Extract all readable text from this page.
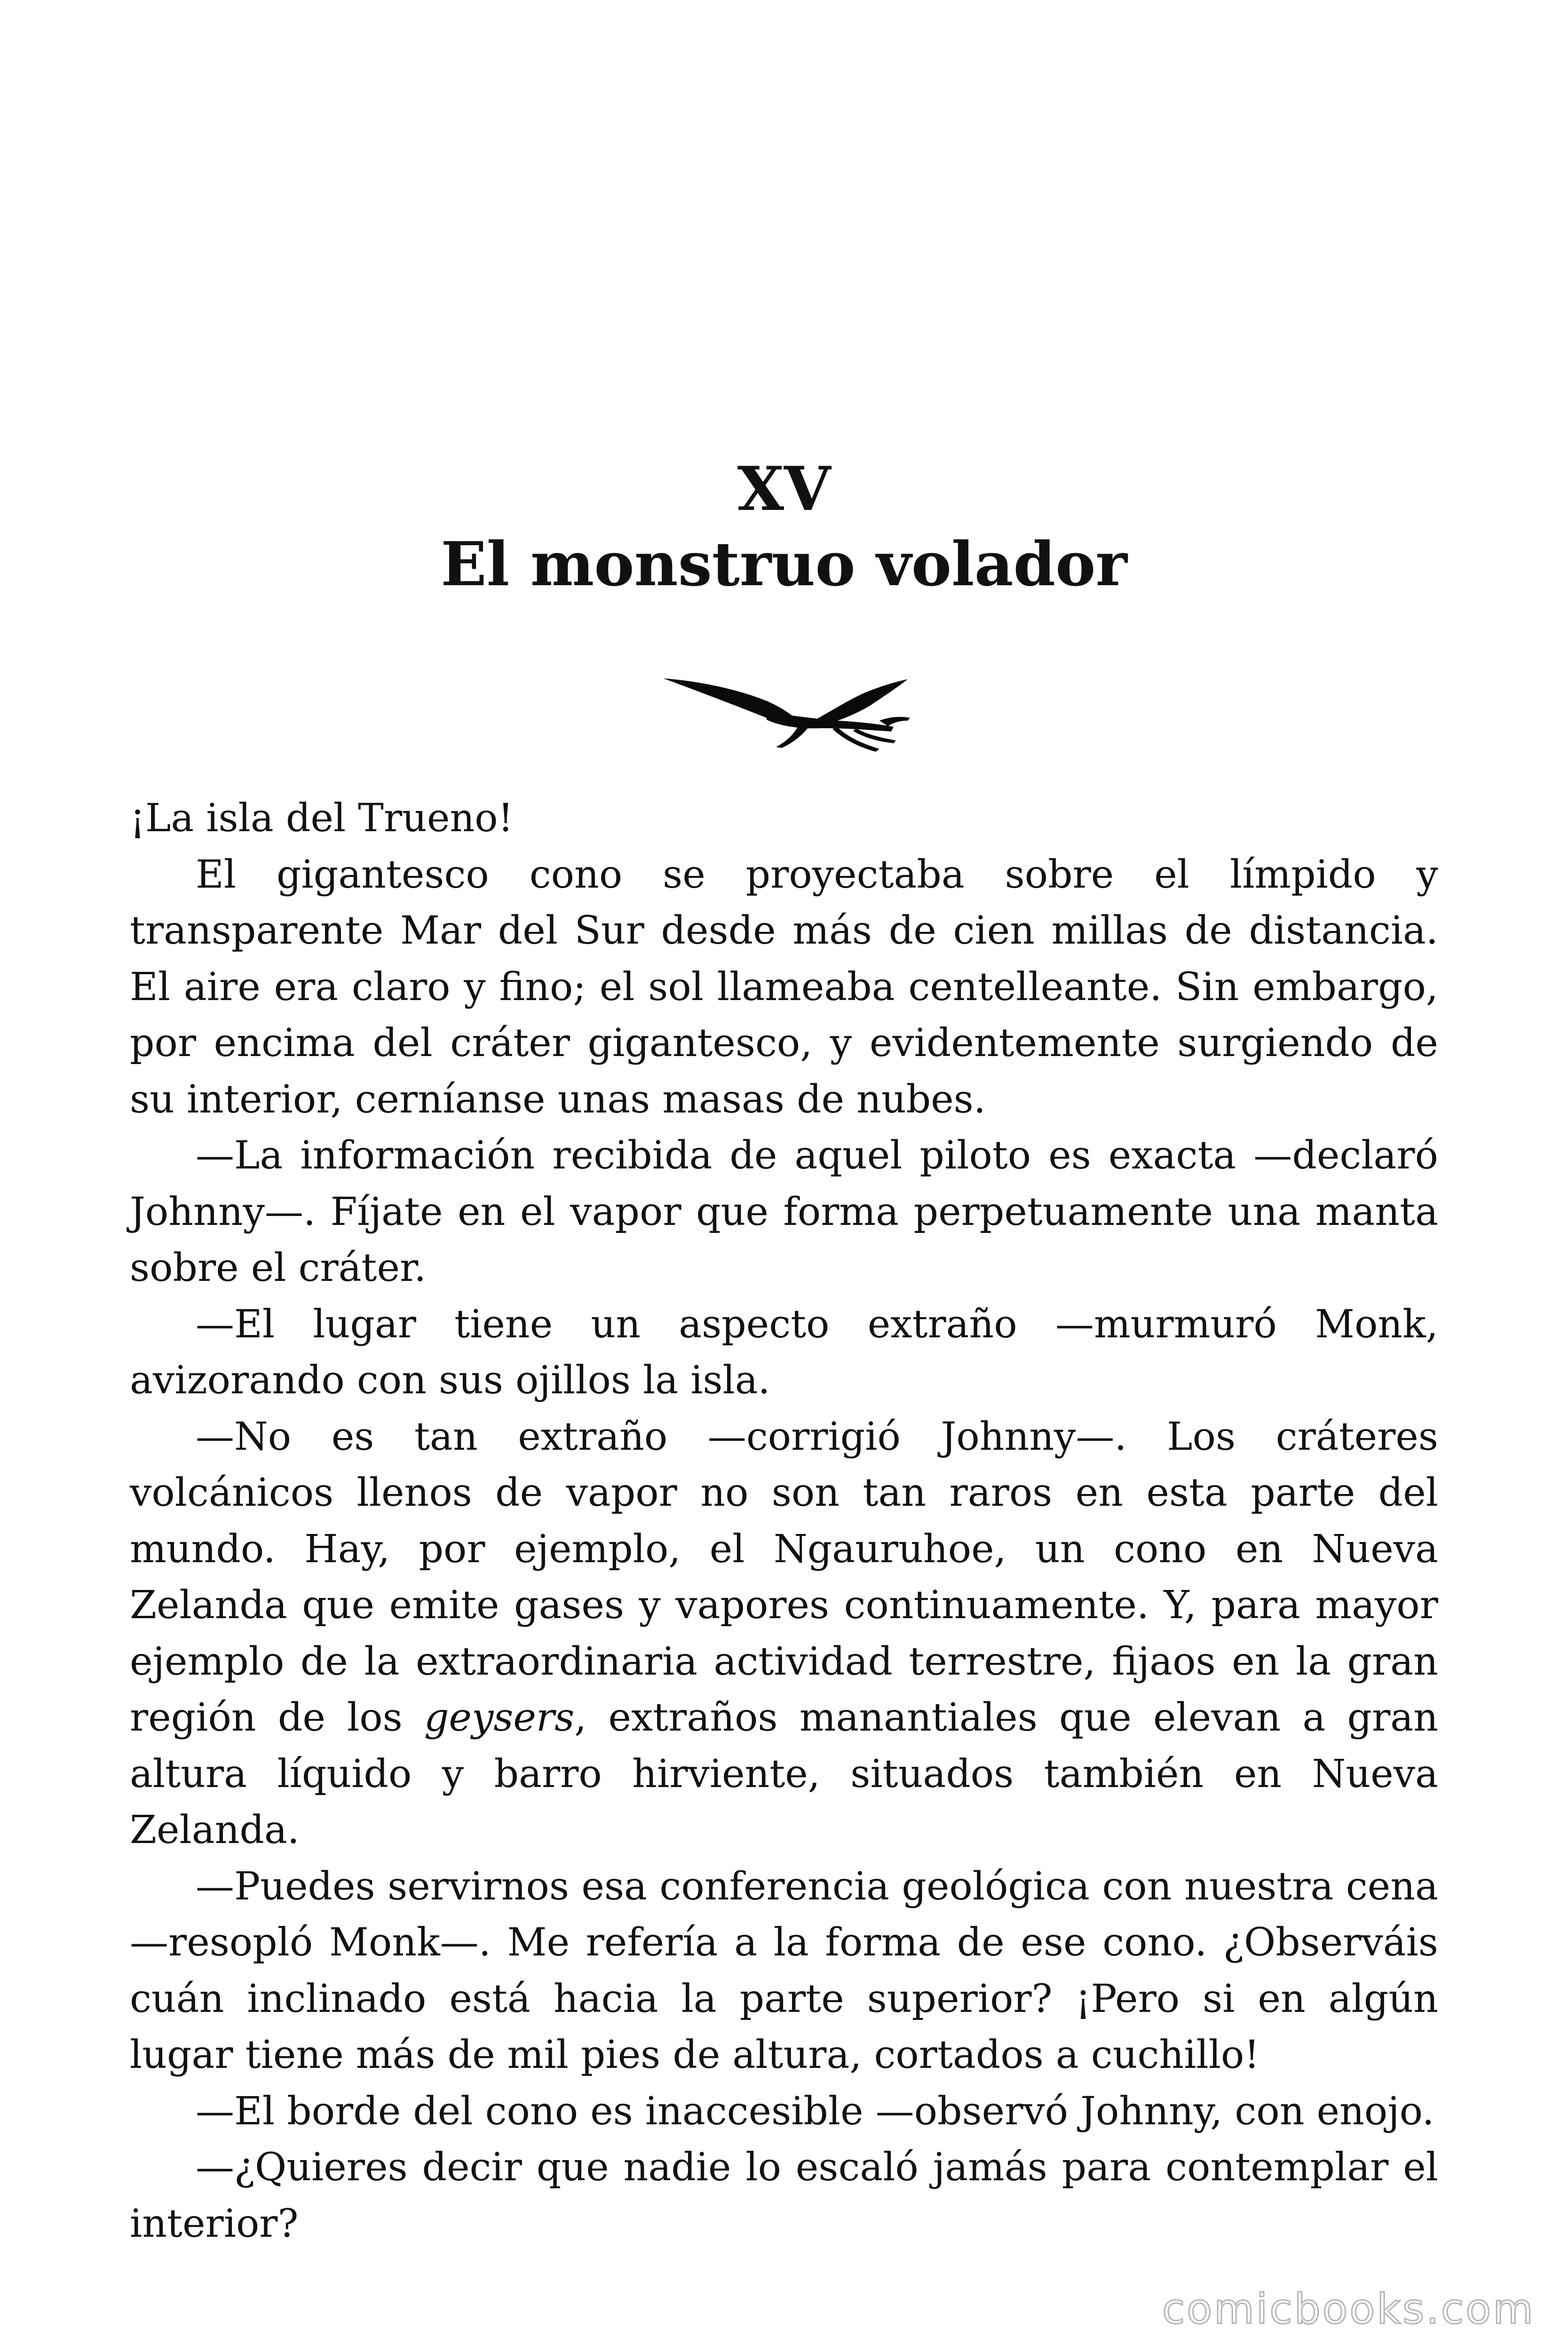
XV
El monstruo volador

¡La isla del Trueno!

El gigantesco cono se proyectaba sobre el límpido y transparente Mar del Sur desde más de cien millas de distancia. El aire era claro y fino; el sol llameaba centelleante. Sin embargo, por encima del cráter gigantesco, y evidentemente surgiendo de su interior, cerníanse unas masas de nubes.

—La información recibida de aquel piloto es exacta —declaró Johnny—. Fíjate en el vapor que forma perpetuamente una manta sobre el cráter.

—El lugar tiene un aspecto extraño —murmuró Monk, avizorando con sus ojillos la isla.

—No es tan extraño —corrigió Johnny—. Los cráteres volcánicos llenos de vapor no son tan raros en esta parte del mundo. Hay, por ejemplo, el Ngauruhoe, un cono en Nueva Zelanda que emite gases y vapores continuamente. Y, para mayor ejemplo de la extraordinaria actividad terrestre, fijaos en la gran región de los geysers, extraños manantiales que elevan a gran altura líquido y barro hirviente, situados también en Nueva Zelanda.

—Puedes servirnos esa conferencia geológica con nuestra cena —resopló Monk—. Me refería a la forma de ese cono. ¿Observáis cuán inclinado está hacia la parte superior? ¡Pero si en algún lugar tiene más de mil pies de altura, cortados a cuchillo!

—El borde del cono es inaccesible —observó Johnny, con enojo.

—¿Quieres decir que nadie lo escaló jamás para contemplar el interior?

comicbooks.com
